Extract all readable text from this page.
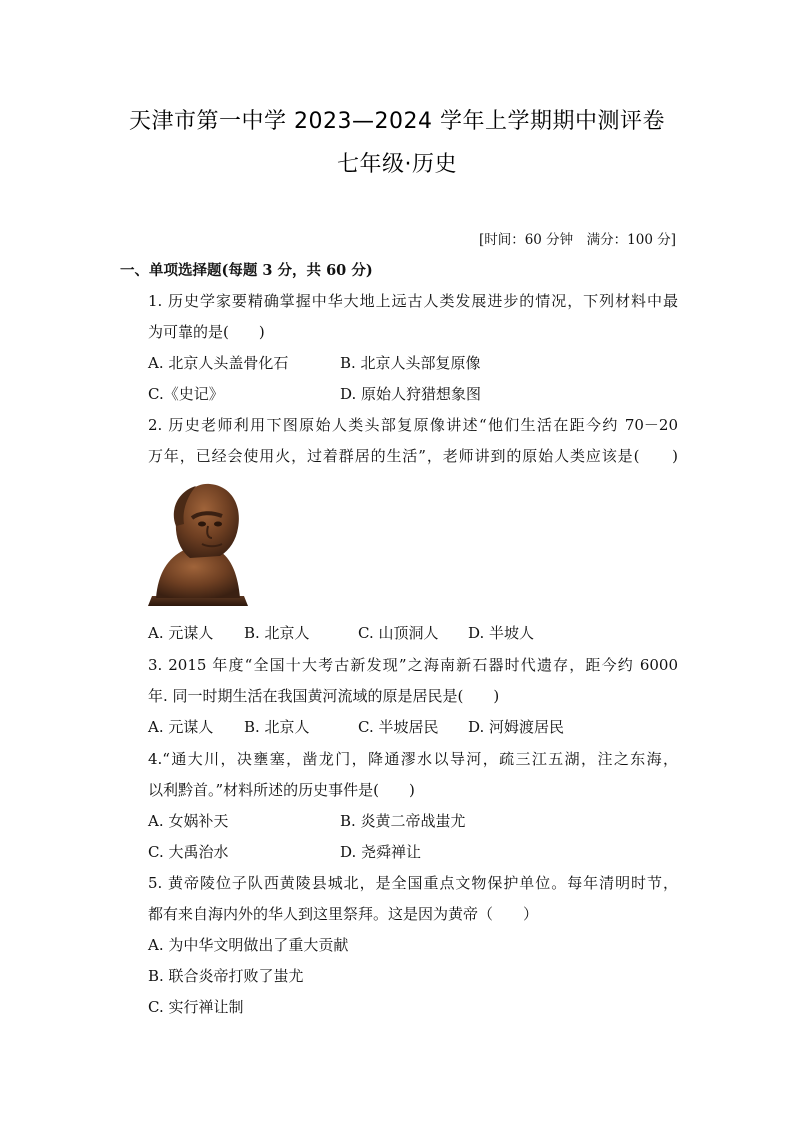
天津市第一中学 2023—2024 学年上学期期中测评卷
七年级·历史
[时间：60 分钟　满分：100 分]
一、单项选择题(每题 3 分，共 60 分)
1. 历史学家要精确掌握中华大地上远古人类发展进步的情况，下列材料中最
为可靠的是(　　)
A. 北京人头盖骨化石	B. 北京人头部复原像
C.《史记》	D. 原始人狩猎想象图
2. 历史老师利用下图原始人类头部复原像讲述“他们生活在距今约 70－20
万年，已经会使用火，过着群居的生活”，老师讲到的原始人类应该是(　　)
A. 元谋人 B. 北京人	C. 山顶洞人 D. 半坡人
3. 2015 年度“全国十大考古新发现”之海南新石器时代遗存，距今约 6000
年. 同一时期生活在我国黄河流域的原是居民是(　　)
A. 元谋人 B. 北京人	C. 半坡居民 D. 河姆渡居民
4.“通大川，决壅塞，凿龙门，降通漻水以导河，疏三江五湖，注之东海，
以利黔首。”材料所述的历史事件是(　　)
A. 女娲补天	B. 炎黄二帝战蚩尤
C. 大禹治水	D. 尧舜禅让
5. 黄帝陵位子队西黄陵县城北，是全国重点文物保护单位。每年清明时节，
都有来自海内外的华人到这里祭拜。这是因为黄帝（　　）
A. 为中华文明做出了重大贡献
B. 联合炎帝打败了蚩尤
C. 实行禅让制
